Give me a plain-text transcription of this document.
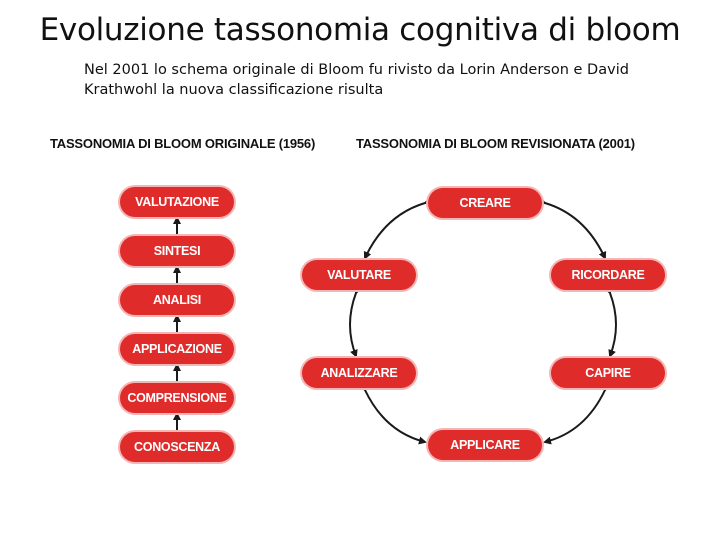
Evoluzione tassonomia cognitiva di bloom
Nel 2001 lo schema originale di Bloom fu rivisto da Lorin Anderson e David Krathwohl la nuova classificazione risulta
TASSONOMIA DI BLOOM ORIGINALE (1956)	TASSONOMIA DI BLOOM REVISIONATA (2001)
VALUTAZIONE
SINTESI
ANALISI
APPLICAZIONE
COMPRENSIONE
CONOSCENZA
CREARE
VALUTARE	RICORDARE
ANALIZZARE	CAPIRE
APPLICARE
